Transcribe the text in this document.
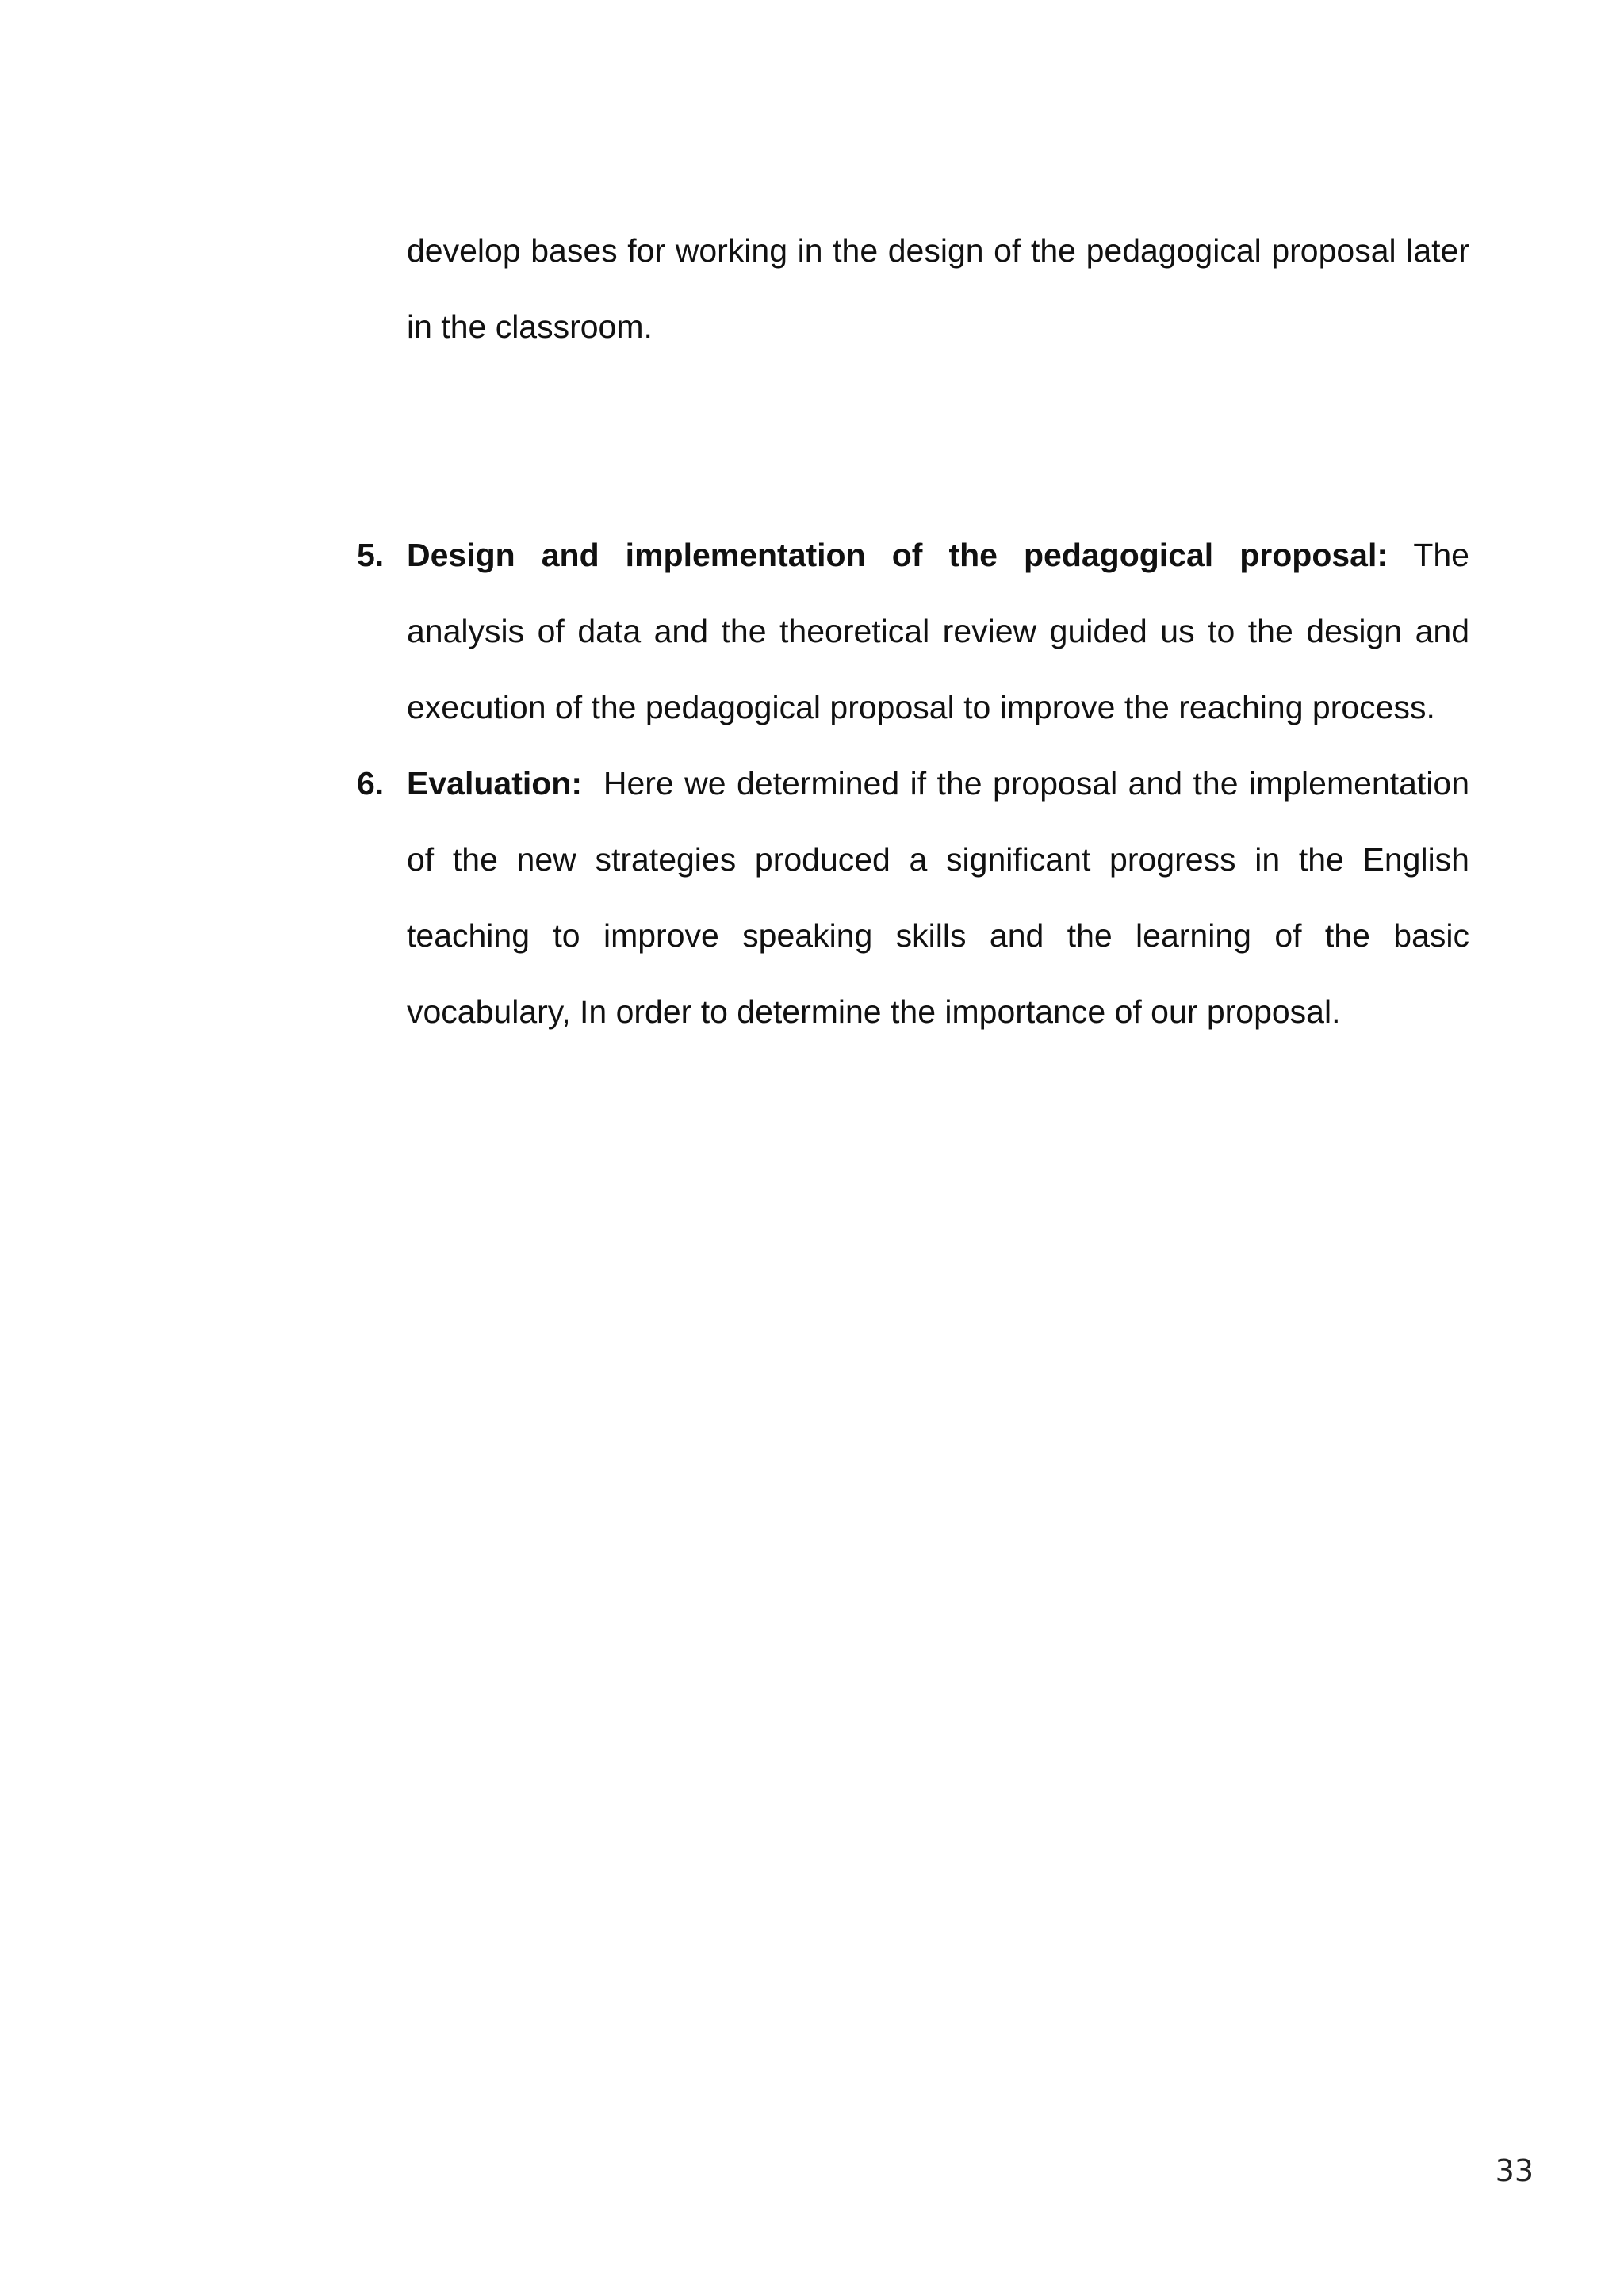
develop bases for working in the design of the pedagogical proposal later in the classroom.

5. Design and implementation of the pedagogical proposal: The analysis of data and the theoretical review guided us to the design and execution of the pedagogical proposal to improve the reaching process.
6. Evaluation:  Here we determined if the proposal and the implementation of the new strategies produced a significant progress in the English teaching to improve speaking skills and the learning of the basic vocabulary, In order to determine the importance of our proposal.
33
